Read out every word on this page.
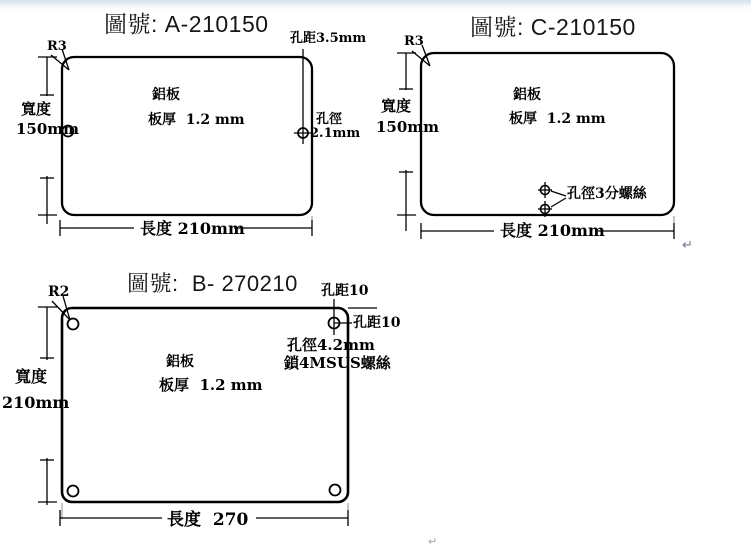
圖號: A-210150
孔距3.5mm
R3
鋁板
板厚  1.2 mm
寬度
150mm
孔徑
2.1mm
長度 210mm
圖號: C-210150
R3
鋁板
板厚  1.2 mm
寬度
150mm
孔徑3分螺絲
長度 210mm
↵
圖號:  B- 270210
R2	孔距10
孔距10
孔徑4.2mm
鎖4MSUS螺絲
鋁板
板厚  1.2 mm
寬度
210mm
長度  270
↵
